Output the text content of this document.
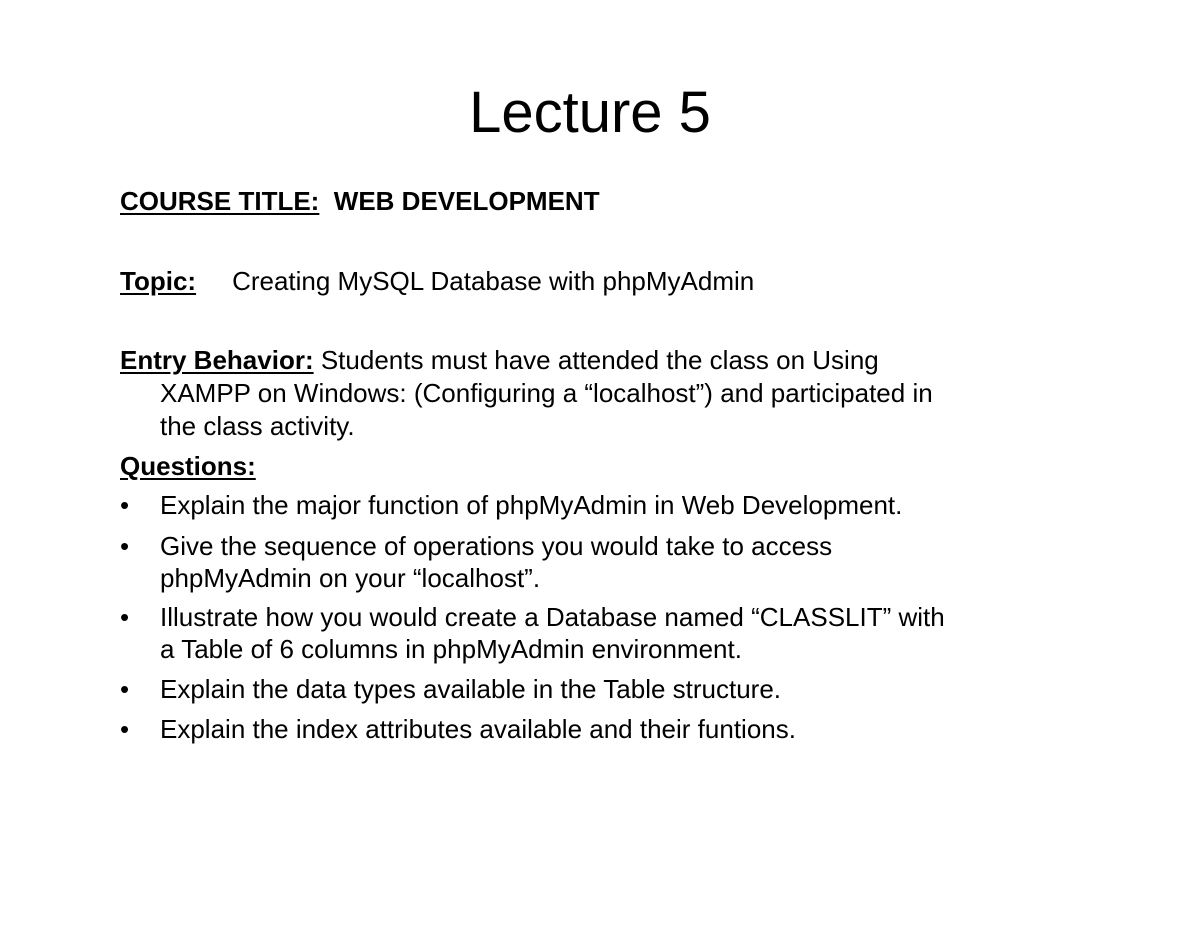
Lecture 5
COURSE TITLE: WEB DEVELOPMENT
Topic: Creating MySQL Database with phpMyAdmin
Entry Behavior: Students must have attended the class on Using
XAMPP on Windows: (Configuring a “localhost”) and participated in
the class activity.
Questions:
• Explain the major function of phpMyAdmin in Web Development.
• Give the sequence of operations you would take to access
phpMyAdmin on your “localhost”.
• Illustrate how you would create a Database named “CLASSLIT” with
a Table of 6 columns in phpMyAdmin environment.
• Explain the data types available in the Table structure.
• Explain the index attributes available and their funtions.
